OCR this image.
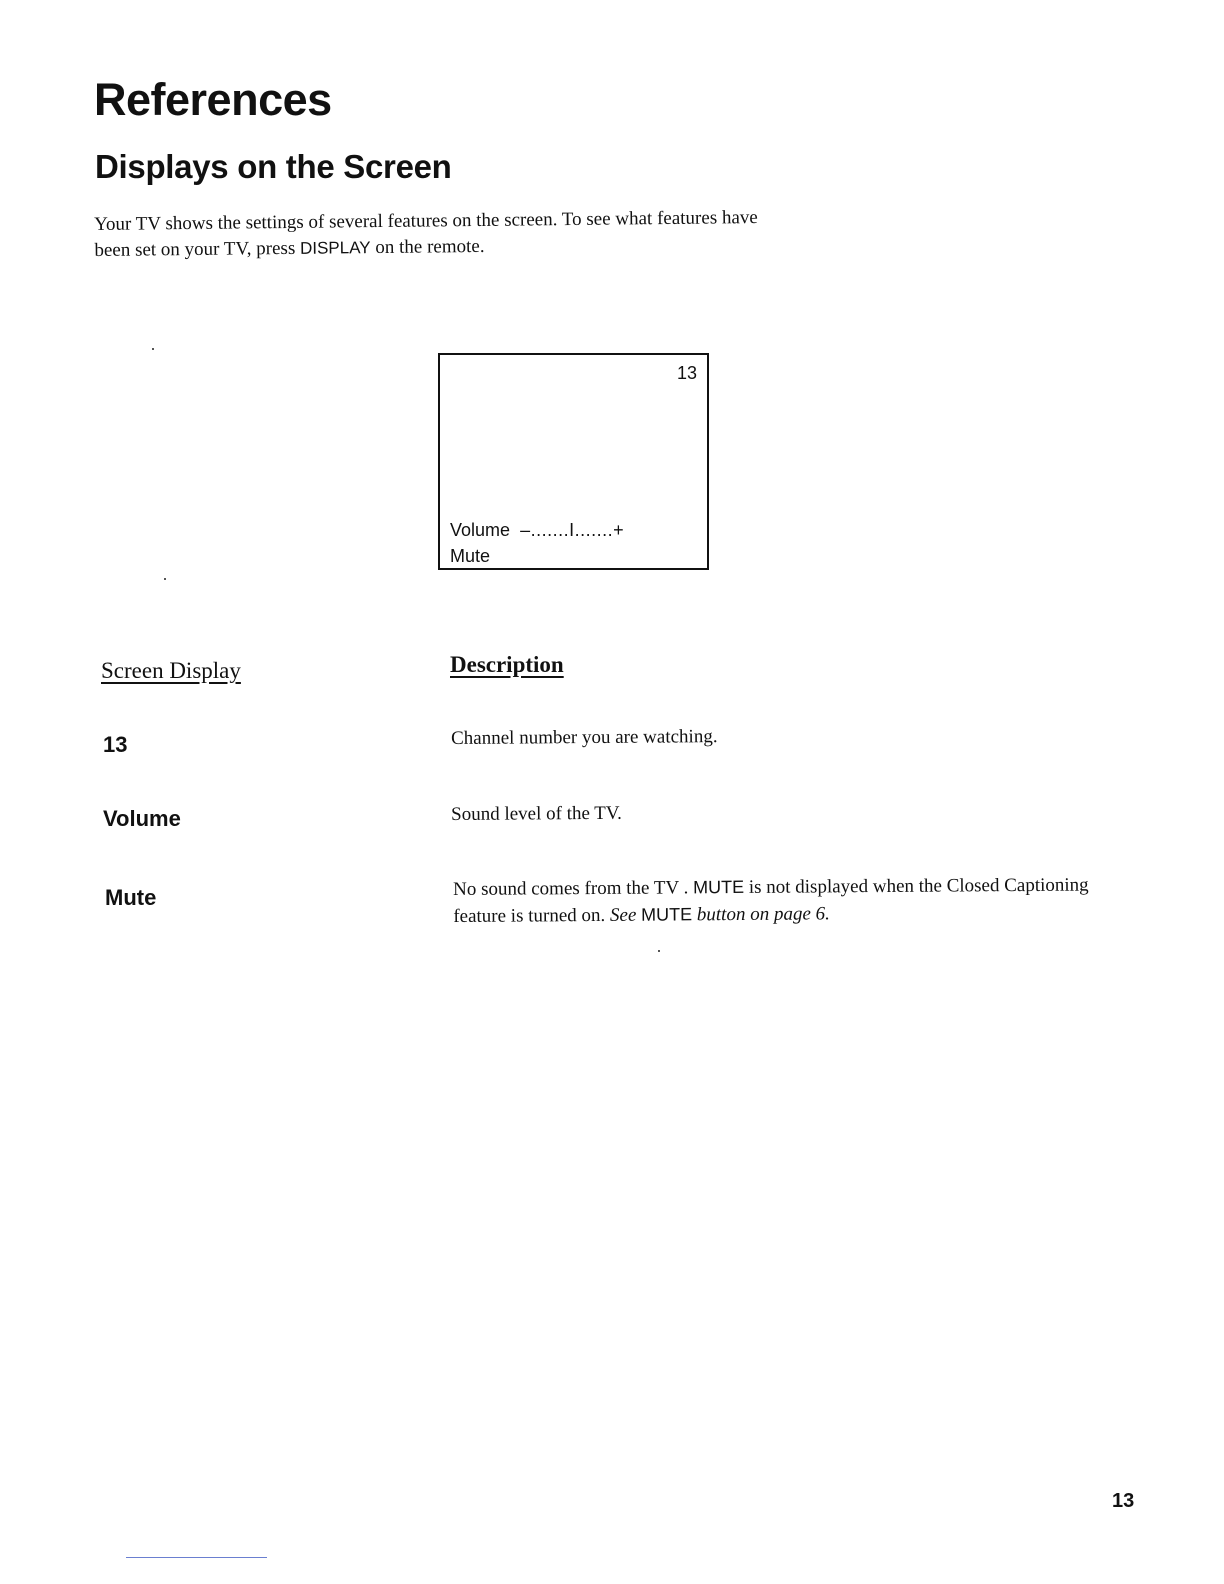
References
Displays on the Screen

Your TV shows the settings of several features on the screen. To see what features have been set on your TV, press DISPLAY on the remote.

13
Volume –.......I.......+
Mute
Screen Display	Description
13	Channel number you are watching.

Volume	Sound level of the TV.

Mute	No sound comes from the TV . MUTE is not displayed when the Closed Captioning feature is turned on. See MUTE button on page 6.

13
